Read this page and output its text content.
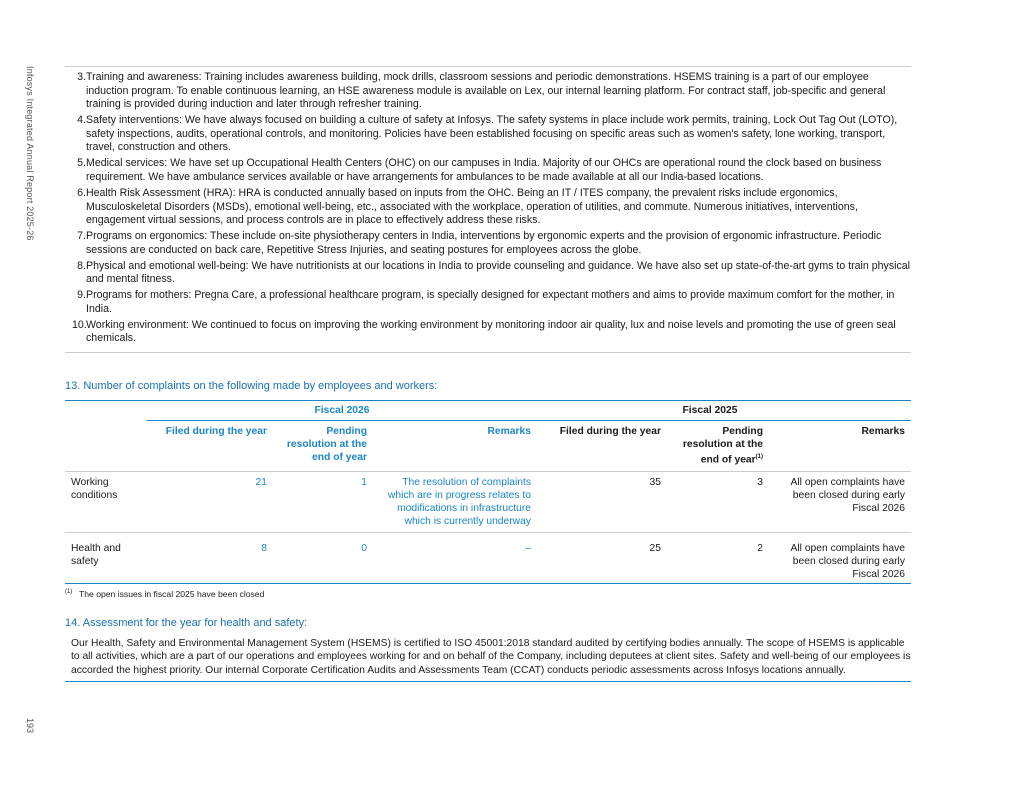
Infosys Integrated Annual Report 2025-26
193
3. Training and awareness: Training includes awareness building, mock drills, classroom sessions and periodic demonstrations. HSEMS training is a part of our employee induction program. To enable continuous learning, an HSE awareness module is available on Lex, our internal learning platform. For contract staff, job-specific and general training is provided during induction and later through refresher training.
4. Safety interventions: We have always focused on building a culture of safety at Infosys. The safety systems in place include work permits, training, Lock Out Tag Out (LOTO), safety inspections, audits, operational controls, and monitoring. Policies have been established focusing on specific areas such as women's safety, lone working, transport, travel, construction and others.
5. Medical services: We have set up Occupational Health Centers (OHC) on our campuses in India. Majority of our OHCs are operational round the clock based on business requirement. We have ambulance services available or have arrangements for ambulances to be made available at all our India-based locations.
6. Health Risk Assessment (HRA): HRA is conducted annually based on inputs from the OHC. Being an IT / ITES company, the prevalent risks include ergonomics, Musculoskeletal Disorders (MSDs), emotional well-being, etc., associated with the workplace, operation of utilities, and commute. Numerous initiatives, interventions, engagement virtual sessions, and process controls are in place to effectively address these risks.
7. Programs on ergonomics: These include on-site physiotherapy centers in India, interventions by ergonomic experts and the provision of ergonomic infrastructure. Periodic sessions are conducted on back care, Repetitive Stress Injuries, and seating postures for employees across the globe.
8. Physical and emotional well-being: We have nutritionists at our locations in India to provide counseling and guidance. We have also set up state-of-the-art gyms to train physical and mental fitness.
9. Programs for mothers: Pregna Care, a professional healthcare program, is specially designed for expectant mothers and aims to provide maximum comfort for the mother, in India.
10. Working environment: We continued to focus on improving the working environment by monitoring indoor air quality, lux and noise levels and promoting the use of green seal chemicals.
13. Number of complaints on the following made by employees and workers:
	Fiscal 2026			Fiscal 2025		
	Filed during the year	Pending resolution at the end of year	Remarks	Filed during the year	Pending resolution at the end of year$^{(1)}$	Remarks
Working conditions	21	1	The resolution of complaints which are in progress relates to modifications in infrastructure which is currently underway	35	3	All open complaints have been closed during early Fiscal 2026
Health and safety	8	0	–	25	2	All open complaints have been closed during early Fiscal 2026
(1) The open issues in fiscal 2025 have been closed
14. Assessment for the year for health and safety:
Our Health, Safety and Environmental Management System (HSEMS) is certified to ISO 45001:2018 standard audited by certifying bodies annually. The scope of HSEMS is applicable to all activities, which are a part of our operations and employees working for and on behalf of the Company, including deputees at client sites. Safety and well-being of our employees is accorded the highest priority. Our internal Corporate Certification Audits and Assessments Team (CCAT) conducts periodic assessments across Infosys locations annually.
